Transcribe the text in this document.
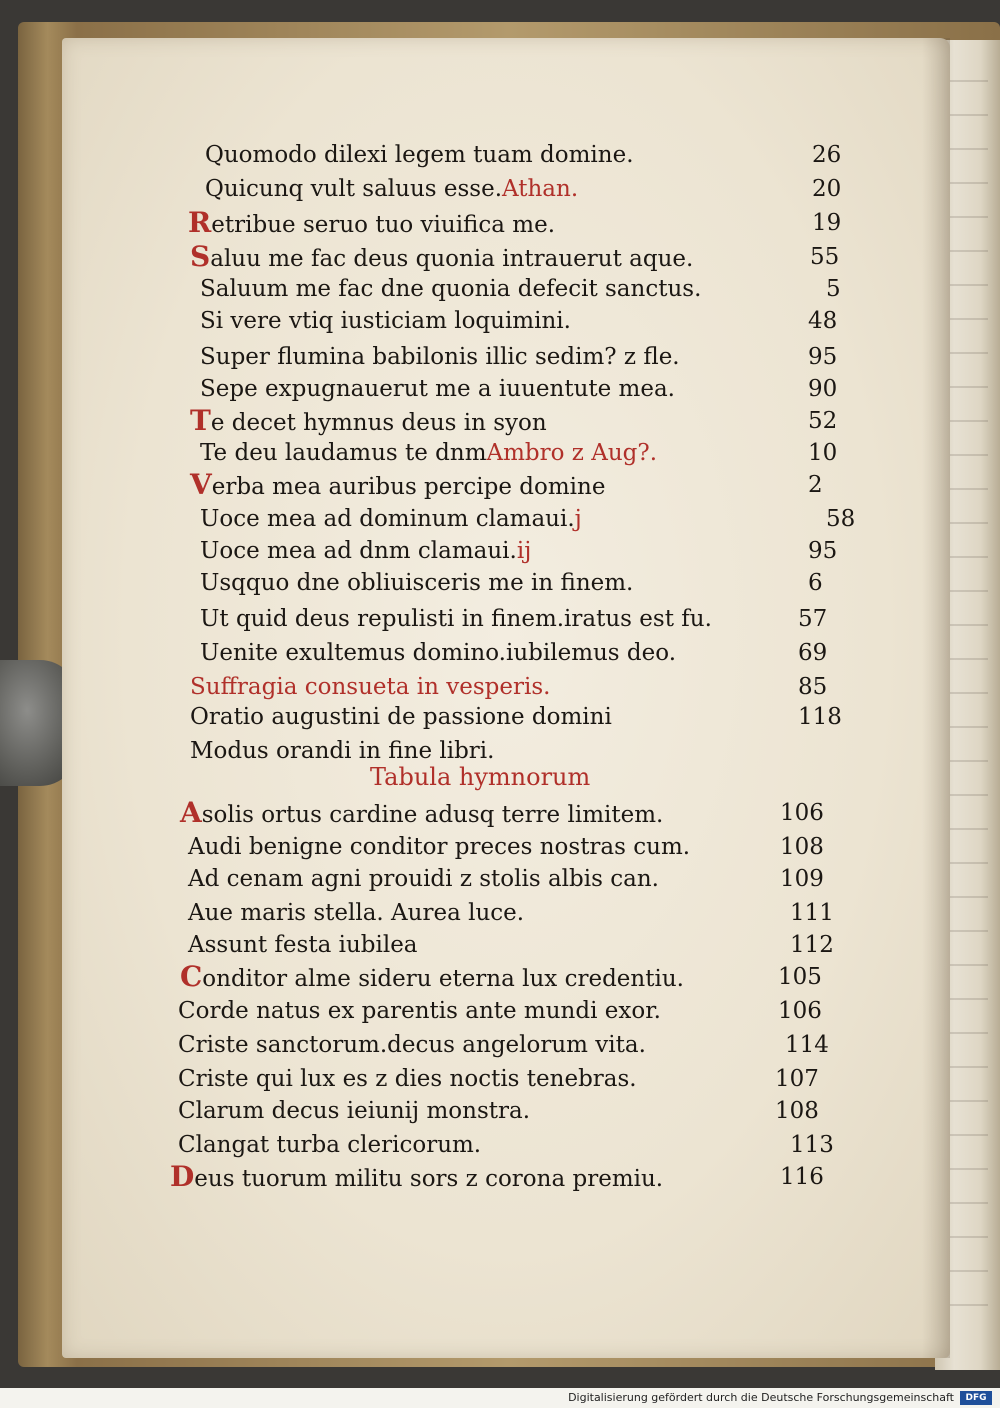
Quomodo dilexi legem tuam domine.	26
Quicunq vult saluus esse.Athan.	20
Retribue seruo tuo viuifica me.	19
Saluu me fac deus quonia intrauerut aque.	55
Saluum me fac dne quonia defecit sanctus.	5
Si vere vtiq iusticiam loquimini.	48
Super flumina babilonis illic sedim? z fle.	95
Sepe expugnauerut me a iuuentute mea.	90
Te decet hymnus deus in syon	52
Te deu laudamus te dnmAmbro z Aug?.	10
Verba mea auribus percipe domine	2
Uoce mea ad dominum clamaui.j	58
Uoce mea ad dnm clamaui.ij	95
Usqquo dne obliuisceris me in finem.	6
Ut quid deus repulisti in finem.iratus est fu.	57
Uenite exultemus domino.iubilemus deo.	69
Suffragia consueta in vesperis.	85
Oratio augustini de passione domini	118
Modus orandi in fine libri.
Tabula hymnorum
Asolis ortus cardine adusq terre limitem.	106
Audi benigne conditor preces nostras cum.	108
Ad cenam agni prouidi z stolis albis can.	109
Aue maris stella. Aurea luce.	111
Assunt festa iubilea	112
Conditor alme sideru eterna lux credentiu.	105
Corde natus ex parentis ante mundi exor.	106
Criste sanctorum.decus angelorum vita.	114
Criste qui lux es z dies noctis tenebras.	107
Clarum decus ieiunij monstra.	108
Clangat turba clericorum.	113
Deus tuorum militu sors z corona premiu.	116
Digitalisierung gefördert durch die Deutsche Forschungsgemeinschaft	DFG
